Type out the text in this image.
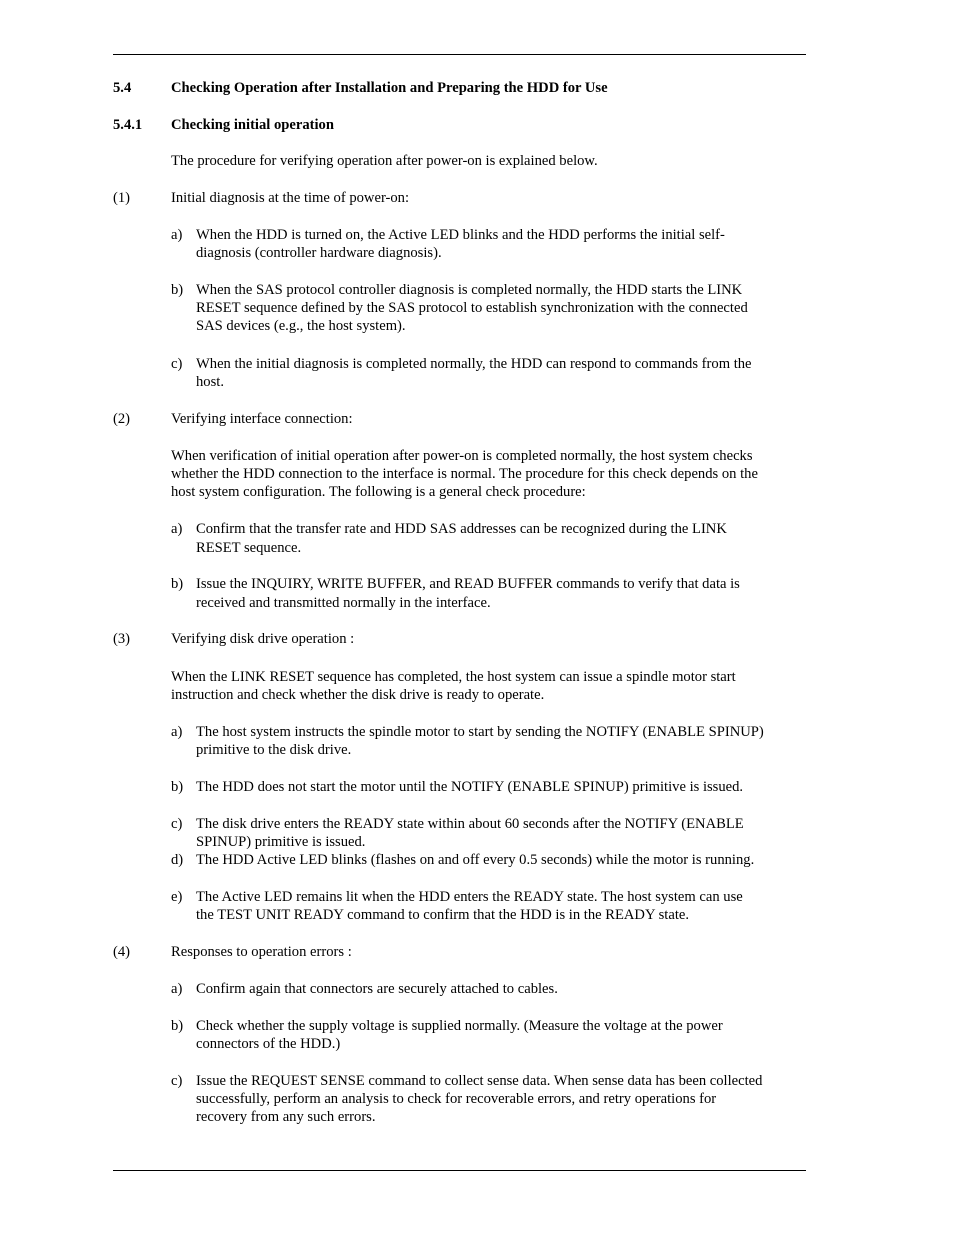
5.4	Checking Operation after Installation and Preparing the HDD for Use
5.4.1 Checking initial operation
The procedure for verifying operation after power-on is explained below.
(1)	Initial diagnosis at the time of power-on:
a) When the HDD is turned on, the Active LED blinks and the HDD performs the initial self-
diagnosis (controller hardware diagnosis).
b) When the SAS protocol controller diagnosis is completed normally, the HDD starts the LINK
RESET sequence defined by the SAS protocol to establish synchronization with the connected
SAS devices (e.g., the host system).
c) When the initial diagnosis is completed normally, the HDD can respond to commands from the
host.
(2)	Verifying interface connection:
When verification of initial operation after power-on is completed normally, the host system checks
whether the HDD connection to the interface is normal. The procedure for this check depends on the
host system configuration. The following is a general check procedure:
a) Confirm that the transfer rate and HDD SAS addresses can be recognized during the LINK
RESET sequence.
b) Issue the INQUIRY, WRITE BUFFER, and READ BUFFER commands to verify that data is
received and transmitted normally in the interface.
(3)	Verifying disk drive operation :
When the LINK RESET sequence has completed, the host system can issue a spindle motor start
instruction and check whether the disk drive is ready to operate.
a) The host system instructs the spindle motor to start by sending the NOTIFY (ENABLE SPINUP)
primitive to the disk drive.
b) The HDD does not start the motor until the NOTIFY (ENABLE SPINUP) primitive is issued.
c) The disk drive enters the READY state within about 60 seconds after the NOTIFY (ENABLE
SPINUP) primitive is issued.
d) The HDD Active LED blinks (flashes on and off every 0.5 seconds) while the motor is running.
e) The Active LED remains lit when the HDD enters the READY state. The host system can use
the TEST UNIT READY command to confirm that the HDD is in the READY state.
(4)	Responses to operation errors :
a) Confirm again that connectors are securely attached to cables.
b) Check whether the supply voltage is supplied normally. (Measure the voltage at the power
connectors of the HDD.)
c) Issue the REQUEST SENSE command to collect sense data. When sense data has been collected
successfully, perform an analysis to check for recoverable errors, and retry operations for
recovery from any such errors.
